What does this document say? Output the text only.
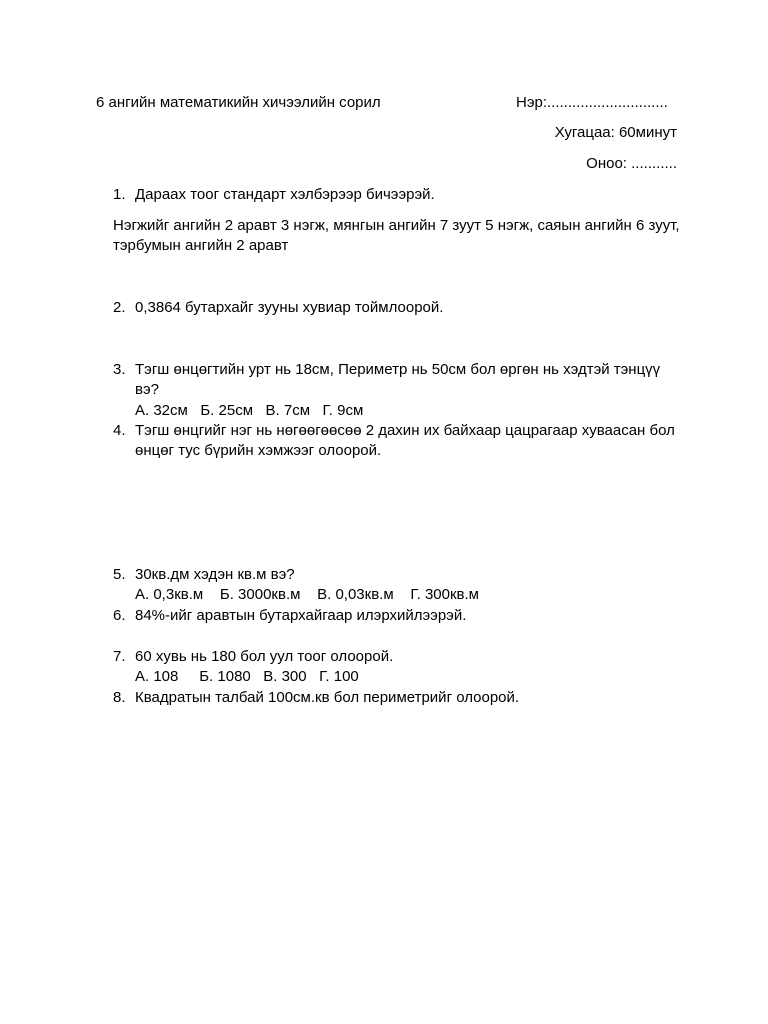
6 ангийн математикийн хичээлийн сорил	Нэр:.............................
Хугацаа: 60минут
Оноо: ...........
1. Дараах тоог стандарт хэлбэрээр бичээрэй.
Нэгжийг ангийн 2 аравт 3 нэгж, мянгын ангийн 7 зуут 5 нэгж, саяын ангийн 6 зуут, тэрбумын ангийн 2 аравт
2. 0,3864 бутархайг зууны хувиар тоймлоорой.
3. Тэгш өнцөгтийн урт нь 18см, Периметр нь 50см бол өргөн нь хэдтэй тэнцүү вэ?
А. 32см   Б. 25см   В. 7см   Г. 9см
4. Тэгш өнцгийг нэг нь нөгөөгөөсөө 2 дахин их байхаар цацрагаар хуваасан бол өнцөг тус бүрийн хэмжээг олоорой.
5. 30кв.дм хэдэн кв.м вэ?
А. 0,3кв.м    Б. 3000кв.м    В. 0,03кв.м    Г. 300кв.м
6. 84%-ийг аравтын бутархайгаар илэрхийлээрэй.
7. 60 хувь нь 180 бол уул тоог олоорой.
А. 108     Б. 1080   В. 300   Г. 100
8. Квадратын талбай 100см.кв бол периметрийг олоорой.
